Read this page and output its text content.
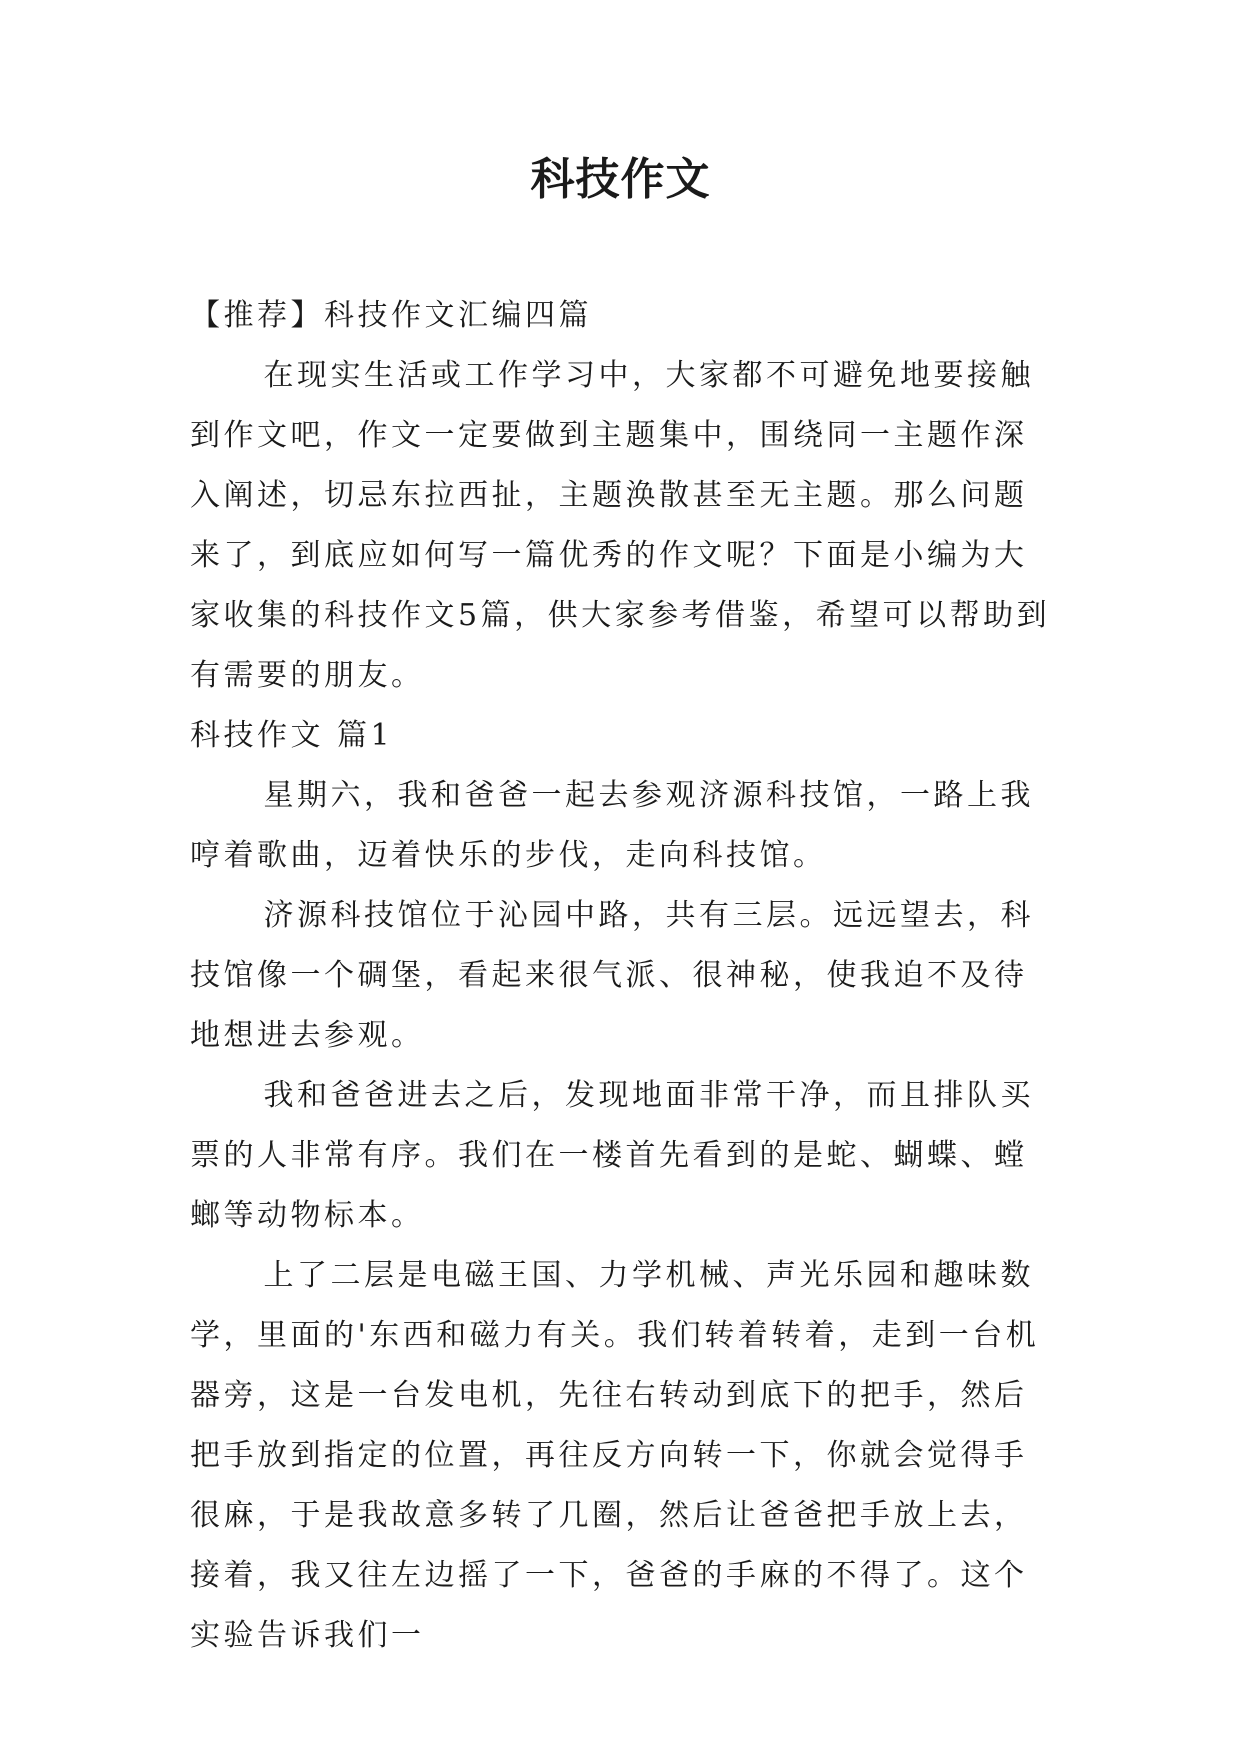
科技作文

【推荐】科技作文汇编四篇

在现实生活或工作学习中，大家都不可避免地要接触到作文吧，作文一定要做到主题集中，围绕同一主题作深入阐述，切忌东拉西扯，主题涣散甚至无主题。那么问题来了，到底应如何写一篇优秀的作文呢？下面是小编为大家收集的科技作文5篇，供大家参考借鉴，希望可以帮助到有需要的朋友。

科技作文 篇1

星期六，我和爸爸一起去参观济源科技馆，一路上我哼着歌曲，迈着快乐的步伐，走向科技馆。

济源科技馆位于沁园中路，共有三层。远远望去，科技馆像一个碉堡，看起来很气派、很神秘，使我迫不及待地想进去参观。

我和爸爸进去之后，发现地面非常干净，而且排队买票的人非常有序。我们在一楼首先看到的是蛇、蝴蝶、螳螂等动物标本。

上了二层是电磁王国、力学机械、声光乐园和趣味数学，里面的'东西和磁力有关。我们转着转着，走到一台机器旁，这是一台发电机，先往右转动到底下的把手，然后把手放到指定的位置，再往反方向转一下，你就会觉得手很麻，于是我故意多转了几圈，然后让爸爸把手放上去，接着，我又往左边摇了一下，爸爸的手麻的不得了。这个实验告诉我们一
